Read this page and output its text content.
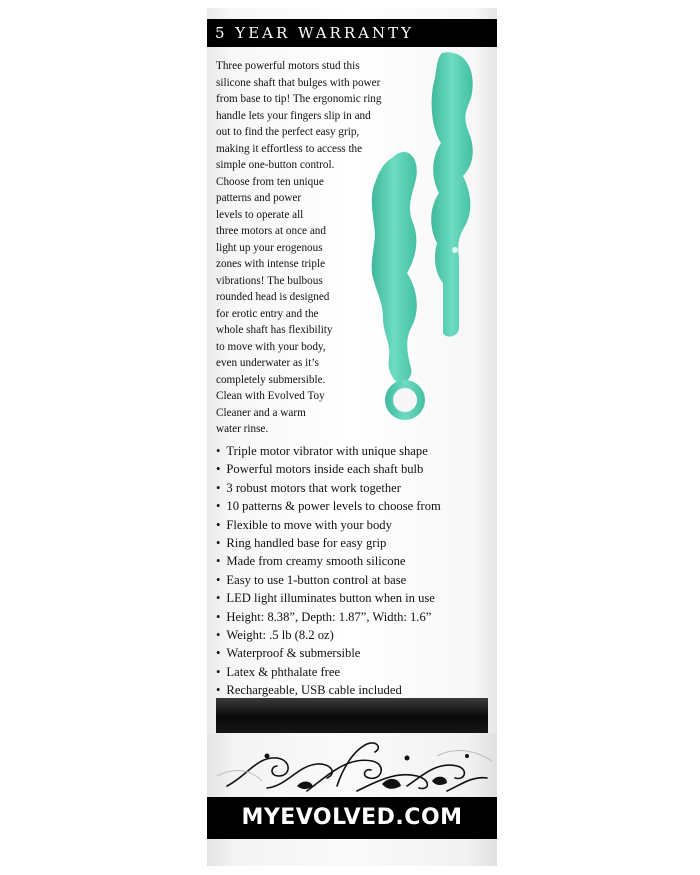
5 YEAR WARRANTY

Three powerful motors stud this
silicone shaft that bulges with power
from base to tip! The ergonomic ring
handle lets your fingers slip in and
out to find the perfect easy grip,
making it effortless to access the
simple one-button control.
Choose from ten unique
patterns and power
levels to operate all
three motors at once and
light up your erogenous
zones with intense triple
vibrations! The bulbous
rounded head is designed
for erotic entry and the
whole shaft has flexibility
to move with your body,
even underwater as it’s
completely submersible.
Clean with Evolved Toy
Cleaner and a warm
water rinse.

• Triple motor vibrator with unique shape
• Powerful motors inside each shaft bulb
• 3 robust motors that work together
• 10 patterns & power levels to choose from
• Flexible to move with your body
• Ring handled base for easy grip
• Made from creamy smooth silicone
• Easy to use 1-button control at base
• LED light illuminates button when in use
• Height: 8.38”, Depth: 1.87”, Width: 1.6”
• Weight: .5 lb (8.2 oz)
• Waterproof & submersible
• Latex & phthalate free
• Rechargeable, USB cable included
MYEVOLVED.COM
